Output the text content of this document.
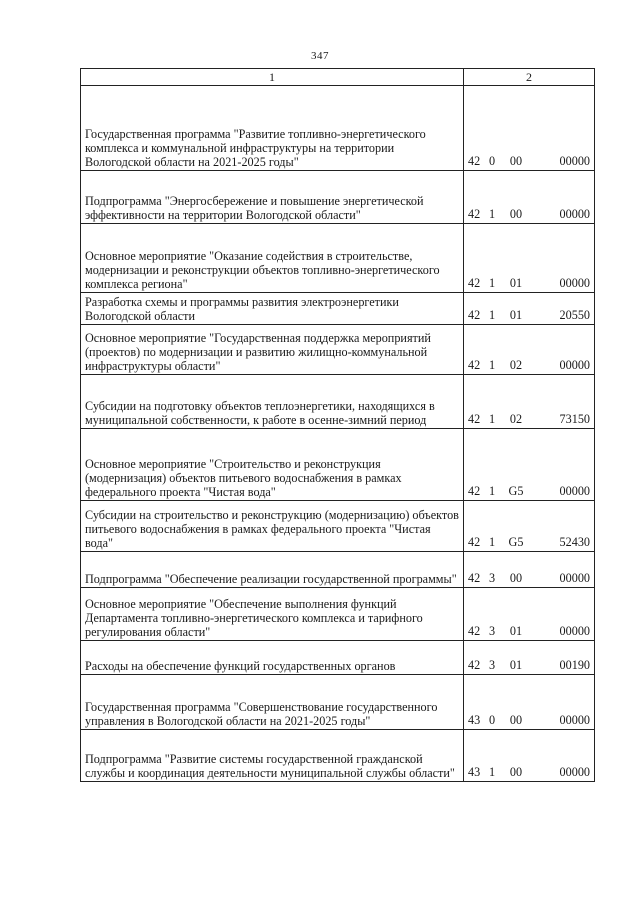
347
1	2
Государственная программа "Развитие топливно-энергетического комплекса и коммунальной инфраструктуры на территории Вологодской области на 2021-2025 годы"	42 0 00 00000

Подпрограмма "Энергосбережение и повышение энергетической эффективности на территории Вологодской области"	42 1 00 00000

Основное мероприятие "Оказание содействия в строительстве, модернизации и реконструкции объектов топливно-энергетического комплекса региона"	42 1 01 00000

Разработка схемы и программы развития электроэнергетики Вологодской области	42 1 01 20550

Основное мероприятие "Государственная поддержка мероприятий (проектов) по модернизации и развитию жилищно-коммунальной инфраструктуры области"	42 1 02 00000

Субсидии на подготовку объектов теплоэнергетики, находящихся в муниципальной собственности, к работе в осенне-зимний период	42 1 02 73150

Основное мероприятие "Строительство и реконструкция (модернизация) объектов питьевого водоснабжения в рамках федерального проекта "Чистая вода"	42 1 G5 00000

Субсидии на строительство и реконструкцию (модернизацию) объектов питьевого водоснабжения в рамках федерального проекта "Чистая вода"	42 1 G5 52430

Подпрограмма "Обеспечение реализации государственной программы"	42 3 00 00000

Основное мероприятие "Обеспечение выполнения функций Департамента топливно-энергетического комплекса и тарифного регулирования области"	42 3 01 00000

Расходы на обеспечение функций государственных органов	42 3 01 00190

Государственная программа "Совершенствование государственного управления в Вологодской области на 2021-2025 годы"	43 0 00 00000

Подпрограмма "Развитие системы государственной гражданской службы и координация деятельности муниципальной службы области"	43 1 00 00000
